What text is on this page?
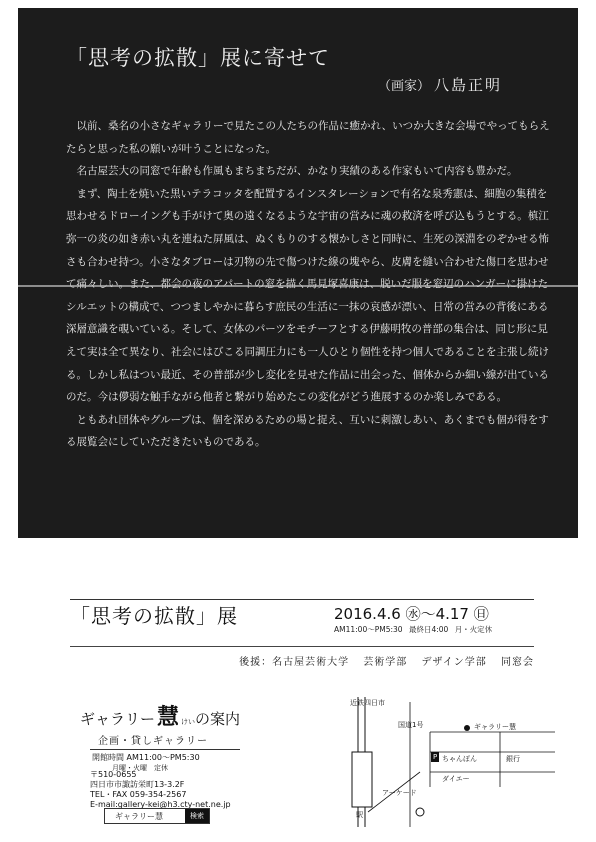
「思考の拡散」展に寄せて
（画家） 八島正明

以前、桑名の小さなギャラリーで見たこの人たちの作品に癒かれ、いつか大きな会場でやってもらえたらと思った私の願いが叶うことになった。

名古屋芸大の同窓で年齢も作風もまちまちだが、かなり実績のある作家もいて内容も豊かだ。

まず、陶土を焼いた黒いテラコッタを配置するインスタレーションで有名な泉秀憲は、細胞の集積を思わせるドローイングも手がけて奥の遠くなるような宇宙の営みに魂の救済を呼び込もうとする。槙江弥一の炎の如き赤い丸を連ねた屏風は、ぬくもりのする懐かしさと同時に、生死の深淵をのぞかせる怖さも合わせ持つ。小さなタブローは刃物の先で傷つけた線の塊やら、皮膚を縫い合わせた傷口を思わせ シルエットの構成で、つつましやかに暮らす庶民の生活に一抹の哀感が漂い、日常の営みの背後にある深層意識を覗いている。そして、女体のパーツをモチーフとする伊藤明牧の普部の集合は、同じ形に見えて実は全て異なり、社会にはびこる同調圧力にも一人ひとり個性を持つ個人であることを主張し続ける。しかし私はつい最近、その普部が少し変化を見せた作品に出会った、個体からか細い線が出ているのだ。今は儚弱な触手ながら他者と繋がり始めたこの変化がどう進展するのか楽しみである。

ともあれ団体やグループは、個を深めるための場と捉え、互いに刺激しあい、あくまでも個が得をする展覧会にしていただきたいものである。

「思考の拡散」展	2016.4.6 ㊌～4.17 ㊐
AM11:00～PM5:30 最終日4:00 月・火定休
後援：名古屋芸術大学 芸術学部 デザイン学部 同窓会
ギャラリー慧 けいの案内
企画・貸しギャラリー
開館時間 AM11:00～PM5:30
月曜・火曜　定休
〒510-0655
四日市市諏訪栄町13-3.2F
TEL・FAX 059-354-2567
E-mail:gallery-kei@h3.cty-net.ne.jp
ギャラリー慧	検索
近鉄四日市
駅
国道1号	ギャラリー慧
P ちゃんぽん
ダイエー
銀行
アーケード
